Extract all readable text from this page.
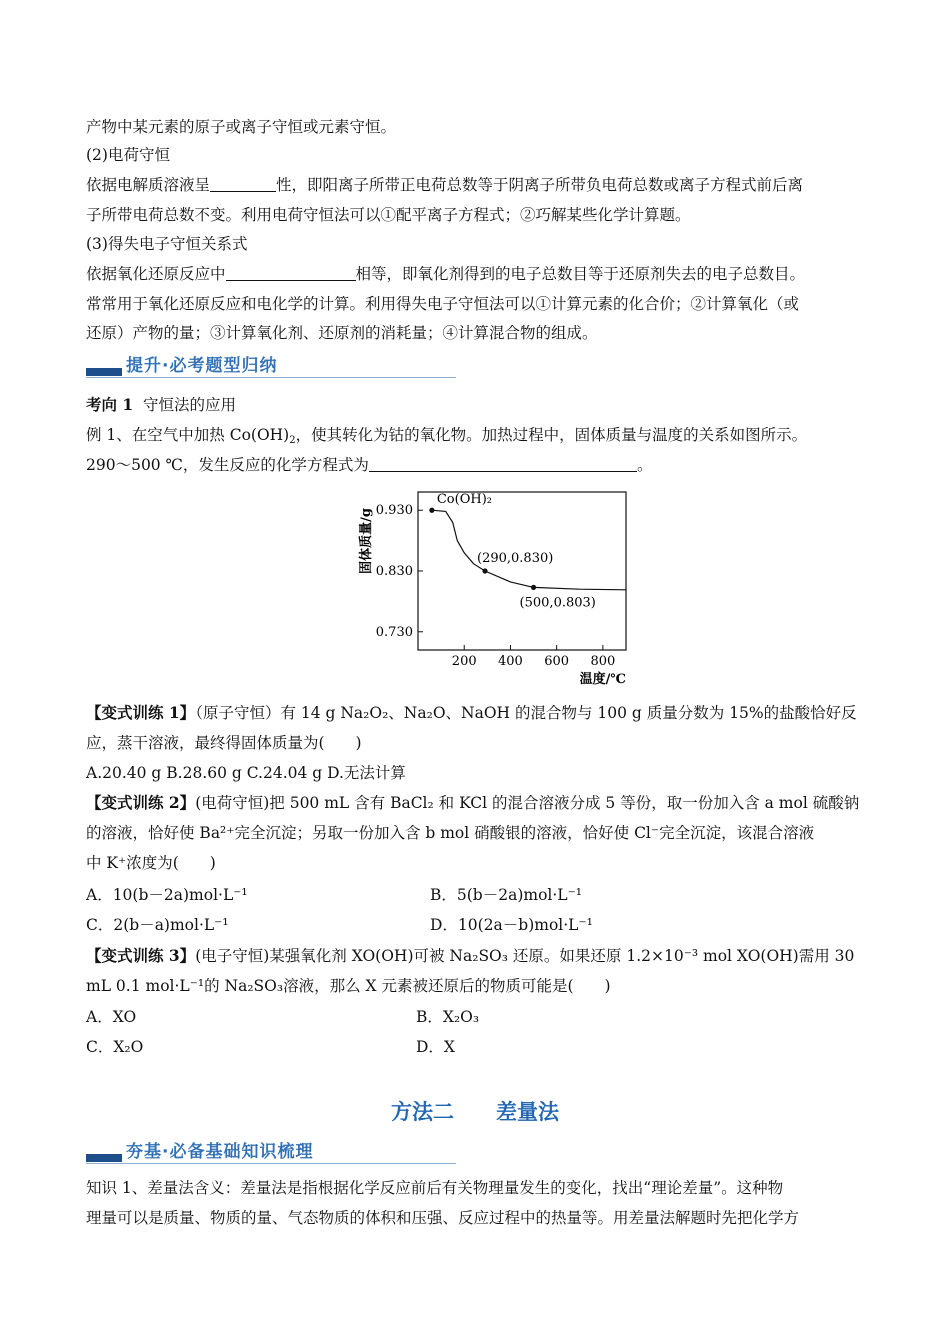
产物中某元素的原子或离子守恒或元素守恒。
(2)电荷守恒
依据电解质溶液呈	性，即阳离子所带正电荷总数等于阴离子所带负电荷总数或离子方程式前后离
子所带电荷总数不变。利用电荷守恒法可以①配平离子方程式；②巧解某些化学计算题。
(3)得失电子守恒关系式
依据氧化还原反应中	相等，即氧化剂得到的电子总数目等于还原剂失去的电子总数目。
常常用于氧化还原反应和电化学的计算。利用得失电子守恒法可以①计算元素的化合价；②计算氧化（或
还原）产物的量；③计算氧化剂、还原剂的消耗量；④计算混合物的组成。
提升·必考题型归纳
考向 1 守恒法的应用
例 1、在空气中加热 $Co(OH)_2$，使其转化为钴的氧化物。加热过程中，固体质量与温度的关系如图所示。
290～500 ℃，发生反应的化学方程式为	。
0.930
0.830
0.730
200 400 600 800
Co(OH)₂
(290,0.830)
(500,0.803)
温度/℃
固体质量/g
【变式训练 1】（原子守恒）有 14 g Na₂O₂、Na₂O、NaOH 的混合物与 100 g 质量分数为 15%的盐酸恰好反
应，蒸干溶液，最终得固体质量为(　　)
A.20.40 g B.28.60 g C.24.04 g D.无法计算
【变式训练 2】(电荷守恒)把 500 mL 含有 BaCl₂ 和 KCl 的混合溶液分成 5 等份，取一份加入含 a mol 硫酸钠
的溶液，恰好使 Ba²⁺完全沉淀；另取一份加入含 b mol 硝酸银的溶液，恰好使 Cl⁻完全沉淀，该混合溶液
中 K⁺浓度为(　　)
A．10(b－2a)mol·L⁻¹	B．5(b－2a)mol·L⁻¹
C．2(b－a)mol·L⁻¹	D．10(2a－b)mol·L⁻¹
【变式训练 3】(电子守恒)某强氧化剂 XO(OH)可被 Na₂SO₃ 还原。如果还原 1.2×10⁻³ mol XO(OH)需用 30
mL 0.1 mol·L⁻¹的 Na₂SO₃溶液，那么 X 元素被还原后的物质可能是(　　)
A．XO	B．X₂O₃
C．X₂O	D．X
方法二　　差量法
夯基·必备基础知识梳理
知识 1、差量法含义：差量法是指根据化学反应前后有关物理量发生的变化，找出“理论差量”。这种物
理量可以是质量、物质的量、气态物质的体积和压强、反应过程中的热量等。用差量法解题时先把化学方
